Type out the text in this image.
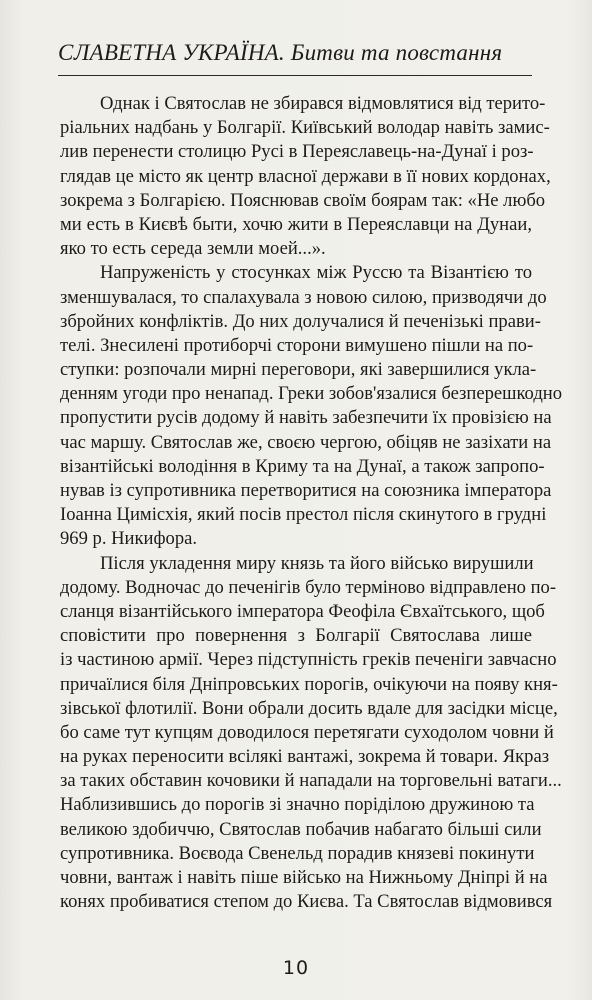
СЛАВЕТНА УКРАЇНА. Битви та повстання
Однак і Святослав не збирався відмовлятися від терито-
ріальних надбань у Болгарії. Київський володар навіть замис-
лив перенести столицю Русі в Переяславець-на-Дунаї і роз-
глядав це місто як центр власної держави в її нових кордонах,
зокрема з Болгарією. Пояснював своїм боярам так: «Не любо
ми есть в Києвѣ быти, хочю жити в Переяславци на Дунаи,
яко то есть середа земли моей...».
Напруженість у стосунках між Руссю та Візантією то
зменшувалася, то спалахувала з новою силою, призводячи до
збройних конфліктів. До них долучалися й печенізькі прави-
телі. Знесилені протиборчі сторони вимушено пішли на по-
ступки: розпочали мирні переговори, які завершилися укла-
денням угоди про ненапад. Греки зобов'язалися безперешкодно
пропустити русів додому й навіть забезпечити їх провізією на
час маршу. Святослав же, своєю чергою, обіцяв не зазіхати на
візантійські володіння в Криму та на Дунаї, а також запропо-
нував із супротивника перетворитися на союзника імператора
Іоанна Цимісхія, який посів престол після скинутого в грудні
969 р. Никифора.
Після укладення миру князь та його військо вирушили
додому. Водночас до печенігів було терміново відправлено по-
сланця візантійського імператора Феофіла Євхаїтського, щоб
сповістити про повернення з Болгарії Святослава лише
із частиною армії. Через підступність греків печеніги завчасно
причаїлися біля Дніпровських порогів, очікуючи на появу кня-
зівської флотилії. Вони обрали досить вдале для засідки місце,
бо саме тут купцям доводилося перетягати суходолом човни й
на руках переносити всілякі вантажі, зокрема й товари. Якраз
за таких обставин кочовики й нападали на торговельні ватаги...
Наблизившись до порогів зі значно поріділою дружиною та
великою здобиччю, Святослав побачив набагато більші сили
супротивника. Воєвода Свенельд порадив князеві покинути
човни, вантаж і навіть піше військо на Нижньому Дніпрі й на
конях пробиватися степом до Києва. Та Святослав відмовився
10
